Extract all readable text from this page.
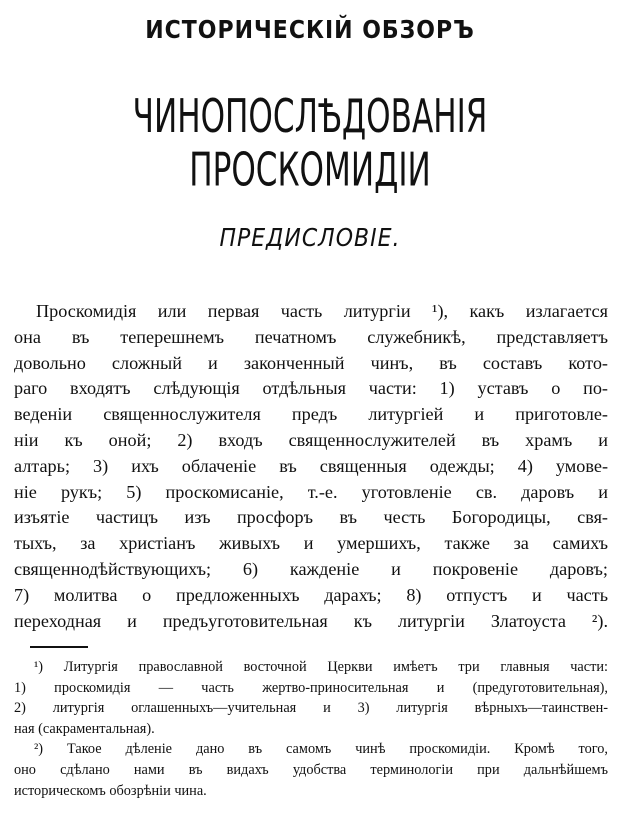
ИСТОРИЧЕСКІЙ ОБЗОРЪ
ЧИНОПОСЛѢДОВАНІЯ ПРОСКОМИДІИ
ПРЕДИСЛОВІЕ.
Проскомидія или первая часть литургіи ¹), какъ излагается
она въ теперешнемъ печатномъ служебникѣ, представляетъ
довольно сложный и законченный чинъ, въ составъ кото-
раго входятъ слѣдующія отдѣльныя части: 1) уставъ о по-
веденіи священнослужителя предъ литургіей и приготовле-
ніи къ оной; 2) входъ священнослужителей въ храмъ и
алтарь; 3) ихъ облаченіе въ священныя одежды; 4) умове-
ніе рукъ; 5) проскомисаніе, т.-е. уготовленіе св. даровъ и
изъятіе частицъ изъ просфоръ въ честь Богородицы, свя-
тыхъ, за христіанъ живыхъ и умершихъ, также за самихъ
священнодѣйствующихъ; 6) кажденіе и покровеніе даровъ;
7) молитва о предложенныхъ дарахъ; 8) отпустъ и часть
переходная и предъуготовительная къ литургіи Златоуста ²).
¹) Литургія православной восточной Церкви имѣетъ три главныя части:
1) проскомидія — часть жертво-приносительная и (предуготовительная),
2) литургія оглашенныхъ—учительная и 3) литургія вѣрныхъ—таинствен-
ная (сакраментальная).
²) Такое дѣленіе дано въ самомъ чинѣ проскомидіи. Кромѣ того,
оно сдѣлано нами въ видахъ удобства терминологіи при дальнѣйшемъ
историческомъ обозрѣніи чина.
